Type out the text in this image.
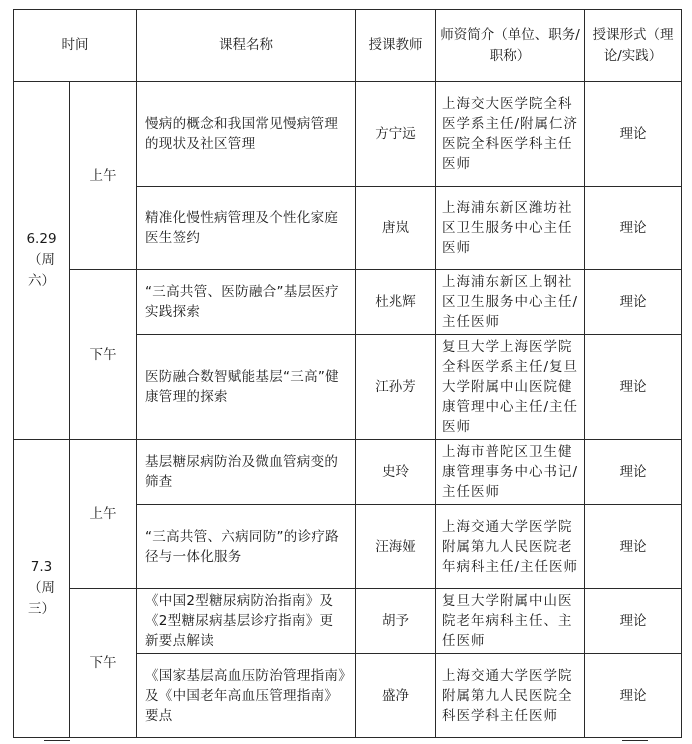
时间		课程名称	授课教师	师资简介（单位、职务/职称）	授课形式（理论/实践）
6.29
（周
六）	上午	慢病的概念和我国常见慢病管理的现状及社区管理	方宁远	上海交大医学院全科医学系主任/附属仁济医院全科医学科主任医师	理论
		精准化慢性病管理及个性化家庭医生签约	唐岚	上海浦东新区潍坊社区卫生服务中心主任医师	理论
	下午	“三高共管、医防融合”基层医疗实践探索	杜兆辉	上海浦东新区上钢社区卫生服务中心主任/主任医师	理论
		医防融合数智赋能基层“三高”健康管理的探索	江孙芳	复旦大学上海医学院全科医学系主任/复旦大学附属中山医院健康管理中心主任/主任医师	理论
7.3
（周
三）	上午	基层糖尿病防治及微血管病变的筛查	史玲	上海市普陀区卫生健康管理事务中心书记/主任医师	理论
		“三高共管、六病同防”的诊疗路径与一体化服务	汪海娅	上海交通大学医学院附属第九人民医院老年病科主任/主任医师	理论
	下午	《中国2型糖尿病防治指南》及《2型糖尿病基层诊疗指南》更新要点解读	胡予	复旦大学附属中山医院老年病科主任、主任医师	理论
		《国家基层高血压防治管理指南》及《中国老年高血压管理指南》要点	盛净	上海交通大学医学院附属第九人民医院全科医学科主任医师	理论
